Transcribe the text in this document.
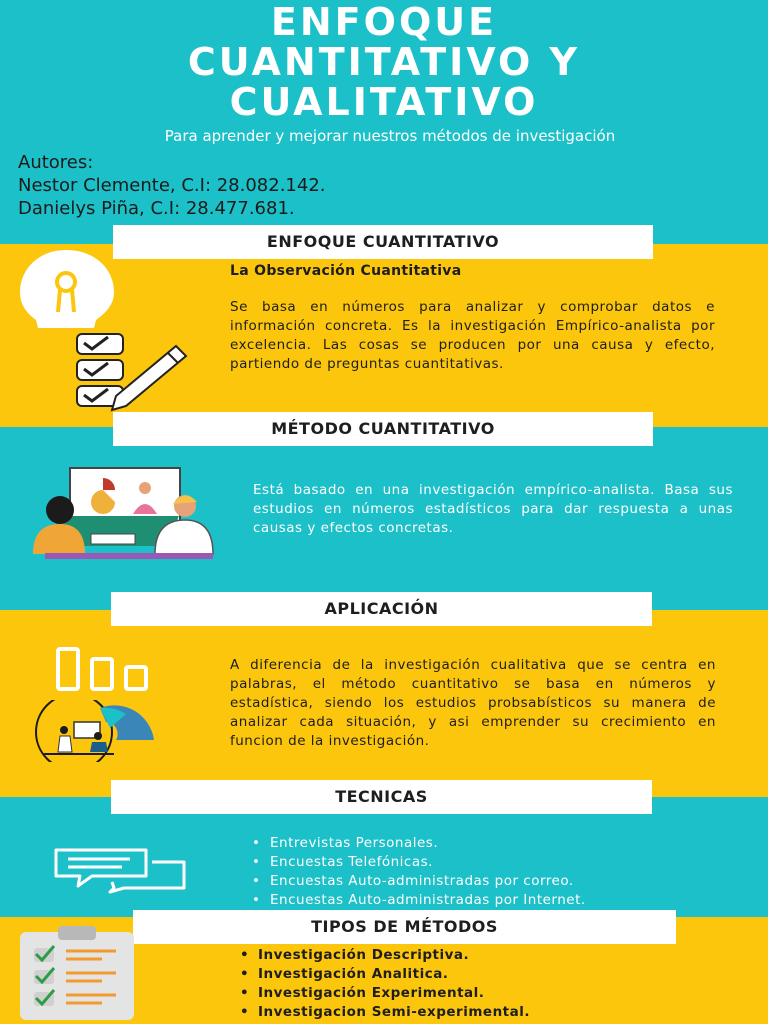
ENFOQUE
CUANTITATIVO Y
CUALITATIVO
Para aprender y mejorar nuestros métodos de investigación
Autores:
Nestor Clemente, C.I: 28.082.142.
Danielys Piña, C.I: 28.477.681.
ENFOQUE CUANTITATIVO
La Observación Cuantitativa
Se basa en números para analizar y comprobar datos e información concreta. Es la investigación Empírico-analista por excelencia. Las cosas se producen por una causa y efecto, partiendo de preguntas cuantitativas.
MÉTODO CUANTITATIVO
Está basado en una investigación empírico-analista. Basa sus estudios en números estadísticos para dar respuesta a unas causas y efectos concretas.
APLICACIÓN
A diferencia de la investigación cualitativa que se centra en palabras, el método cuantitativo se basa en números y estadística, siendo los estudios probsabísticos su manera de analizar cada situación, y asi emprender su crecimiento en funcion de la investigación.
TECNICAS
• Entrevistas Personales.
• Encuestas Telefónicas.
• Encuestas Auto-administradas por correo.
• Encuestas Auto-administradas por Internet.
TIPOS DE MÉTODOS
• Investigación Descriptiva.
• Investigación Analitica.
• Investigación Experimental.
• Investigacion Semi-experimental.
